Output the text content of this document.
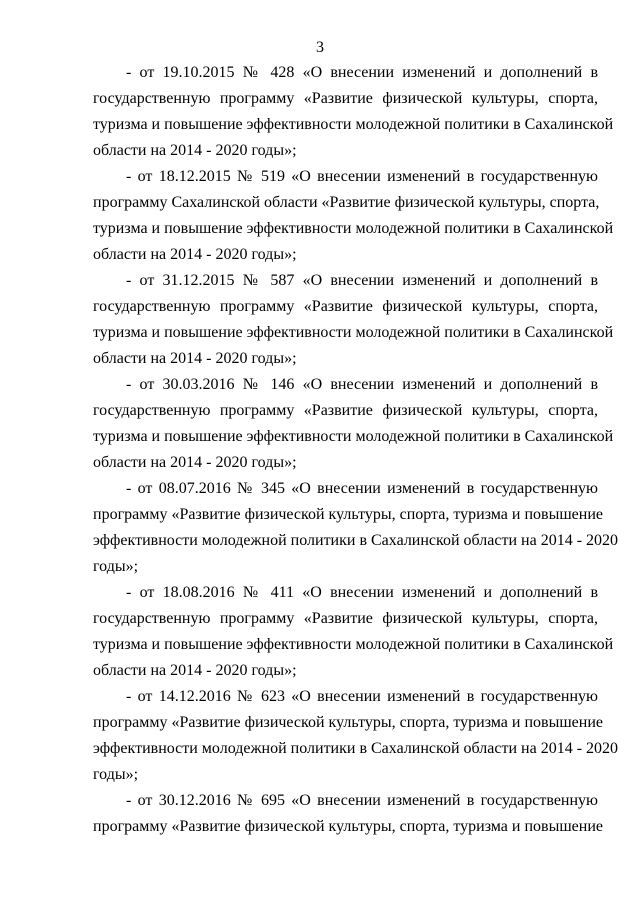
3

- от 19.10.2015 № 428 «О внесении изменений и дополнений в
государственную программу «Развитие физической культуры, спорта,
туризма и повышение эффективности молодежной политики в Сахалинской
области на 2014 - 2020 годы»;

- от 18.12.2015 № 519 «О внесении изменений в государственную
программу Сахалинской области «Развитие физической культуры, спорта,
туризма и повышение эффективности молодежной политики в Сахалинской
области на 2014 - 2020 годы»;

- от 31.12.2015 № 587 «О внесении изменений и дополнений в
государственную программу «Развитие физической культуры, спорта,
туризма и повышение эффективности молодежной политики в Сахалинской
области на 2014 - 2020 годы»;

- от 30.03.2016 № 146 «О внесении изменений и дополнений в
государственную программу «Развитие физической культуры, спорта,
туризма и повышение эффективности молодежной политики в Сахалинской
области на 2014 - 2020 годы»;

- от 08.07.2016 № 345 «О внесении изменений в государственную
программу «Развитие физической культуры, спорта, туризма и повышение
эффективности молодежной политики в Сахалинской области на 2014 - 2020
годы»;

- от 18.08.2016 № 411 «О внесении изменений и дополнений в
государственную программу «Развитие физической культуры, спорта,
туризма и повышение эффективности молодежной политики в Сахалинской
области на 2014 - 2020 годы»;

- от 14.12.2016 № 623 «О внесении изменений в государственную
программу «Развитие физической культуры, спорта, туризма и повышение
эффективности молодежной политики в Сахалинской области на 2014 - 2020
годы»;

- от 30.12.2016 № 695 «О внесении изменений в государственную
программу «Развитие физической культуры, спорта, туризма и повышение
